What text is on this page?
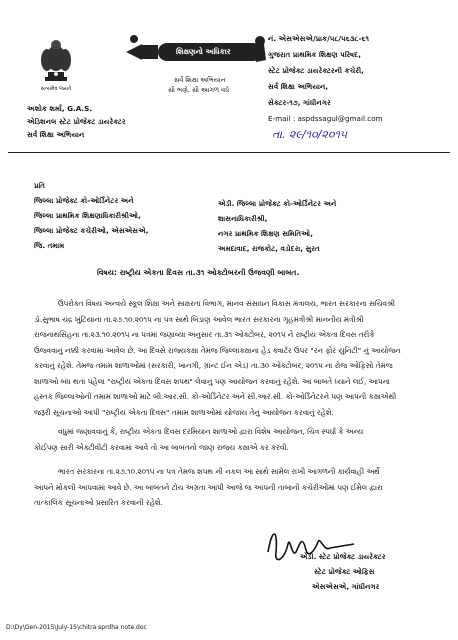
સત્યમેવ જયતે
અશોક શર્મા, G.A.S.
એડિશનલ સ્ટેટ પ્રોજેક્ટ ડાયરેક્ટર
સર્વ શિક્ષા અભિયાન
શિક્ષણનો અધિકાર
સર્વ શિક્ષા અભિયાન
સૌ ભણે, સૌ આગળ વધે
નં. એસએસએ/પ્રાક/૫૮/૫૬૩૮-૬૧
ગુજરાત પ્રાથમિક શિક્ષણ પરિષદ,
સ્ટેટ પ્રોજેક્ટ ડાયરેક્ટરની કચેરી,
સર્વ શિક્ષા અભિયાન,
સેક્ટર-૧૭, ગાંધીનગર
E-mail : aspdssagul@gmail.com
તા. ૨૯/૧૦/૨૦૧૫
પ્રતિ
જિલ્લા પ્રોજેક્ટ કો-ઓર્ડિનેટર અને
જિલ્લા પ્રાથમિક શિક્ષણાધિકારીશ્રીઓ,
જિલ્લા પ્રોજેક્ટ કચેરીઓ, એસએસએ,
જિ. તમામ
એડી. જિલ્લા પ્રોજેક્ટ કો-ઓર્ડિનેટર અને
શાસનાધિકારીશ્રી,
નગર પ્રાથમિક શિક્ષણ સમિતિઓ,
અમદાવાદ, રાજકોટ, વડોદરા, સુરત
વિષય: રાષ્ટ્રીય એકતા દિવસ તા.૩૧ ઓક્ટોબરની ઉજવણી બાબત.
ઉપરોક્ત વિષય અન્વયે સ્કૂલ શિક્ષા અને સાક્ષરતા વિભાગ, માનવ સંસાધન વિકાસ મંત્રાલય, ભારત સરકારના સચિવશ્રી
ડૉ.સુભાષ ચંદ્ર ખુંટિયાના તા.૨૭.૧૦.૨૦૧૫ ના પત્ર સાથે બિડાણ આવેલ ભારત સરકારના ગૃહમંત્રીશ્રી માનનીય મંત્રીશ્રી
રાજનાથસિંહના તા.૨૩.૧૦.૨૦૧૫ ના પત્રમાં જણાવ્યા અનુસાર તા.૩૧ ઓક્ટોબર, ૨૦૧૫ ને રાષ્ટ્રીય એકતા દિવસ તરીકે
ઉજવવાનું નક્કી કરવામાં આવેલ છે. આ દિવસે રાજ્યકક્ષા તેમજ જિલ્લાકક્ષાના હેડ ક્વાર્ટર ઉપર "રન ફોર યુનિટી" નું આયોજન
કરવાનું રહેશે. તેમજ તમામ શાળાઓમાં (સરકારી, ખાનગી, ગ્રાન્ટ ઈન એડ) તા.૩૦ ઓક્ટોબર, ૨૦૧૫ ના રોજ ઓફિસો તેમજ
શાળાઓ બંધ થતાં પહેલા "રાષ્ટ્રીય એકતા દિવસ શપથ" લેવાનું પણ આયોજન કરવાનું રહેશે. આ બાબતે ધ્યાને લઈ, આપના
હસ્તક જિલ્લાઓની તમામ શાળાઓ માટે બી.આર.સી. કો-ઓર્ડિનેટર અને સી.આર.સી. કો-ઓર્ડિનેટરને પણ આપની કક્ષાએથી
જરૂરી સૂચનાઓ આપી "રાષ્ટ્રીય એકતા દિવસ" તમામ શાળાઓમાં યોજાય તેનું આયોજન કરવાનું રહેશે.
વધુમાં જણાવવાનું કે, રાષ્ટ્રીય એકતા દિવસ દરમિયાન શાળાઓ દ્વારા વિશેષ આયોજન, ચિત્ર સ્પર્ધા કે અન્ય
કોઈપણ સારી એક્ટીવીટી કરવામાં આવે તો આ બાબતનો જાણ રાજય કક્ષાએ કર કરવી.
ભારત સરકારના તા.૨૭.૧૦.૨૦૧૫ ના પત્ર તેમજ શપથ ની નકલ આ સાથે સામેલ રાખી આગળની કાર્યવાહી અર્થે
આપને મોકલી આપવામાં આવે છે. આ બાબતને ટોચ અગ્રતા આપી આજે જ આપની તાબાની કચેરીઓમાં પણ ઈમેલ દ્વારા
તાત્કાલિક સૂચનાઓ પ્રસારિત કરવાની રહેશે.
એડી. સ્ટેટ પ્રોજેક્ટ ડાયરેક્ટર
સ્ટેટ પ્રોજેક્ટ ઓફિસ
એસએસએ, ગાંધીનગર
D:\Dy\Gen-2015\July-15\chitra sprdha note.doc
